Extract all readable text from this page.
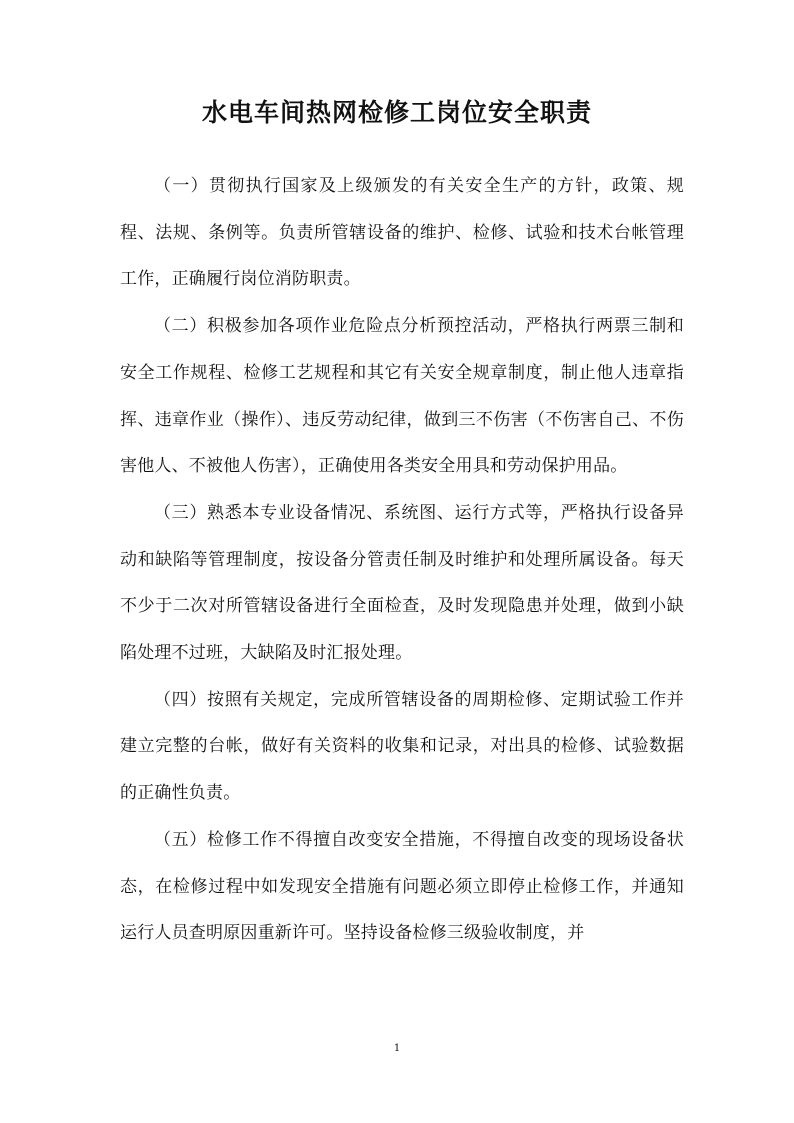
水电车间热网检修工岗位安全职责

（一）贯彻执行国家及上级颁发的有关安全生产的方针，政策、规程、法规、条例等。负责所管辖设备的维护、检修、试验和技术台帐管理工作，正确履行岗位消防职责。

（二）积极参加各项作业危险点分析预控活动，严格执行两票三制和安全工作规程、检修工艺规程和其它有关安全规章制度，制止他人违章指挥、违章作业（操作）、违反劳动纪律，做到三不伤害（不伤害自己、不伤害他人、不被他人伤害），正确使用各类安全用具和劳动保护用品。

（三）熟悉本专业设备情况、系统图、运行方式等，严格执行设备异动和缺陷等管理制度，按设备分管责任制及时维护和处理所属设备。每天不少于二次对所管辖设备进行全面检查，及时发现隐患并处理，做到小缺陷处理不过班，大缺陷及时汇报处理。

（四）按照有关规定，完成所管辖设备的周期检修、定期试验工作并建立完整的台帐，做好有关资料的收集和记录，对出具的检修、试验数据的正确性负责。

（五）检修工作不得擅自改变安全措施，不得擅自改变的现场设备状态，在检修过程中如发现安全措施有问题必须立即停止检修工作，并通知运行人员查明原因重新许可。坚持设备检修三级验收制度，并

1
